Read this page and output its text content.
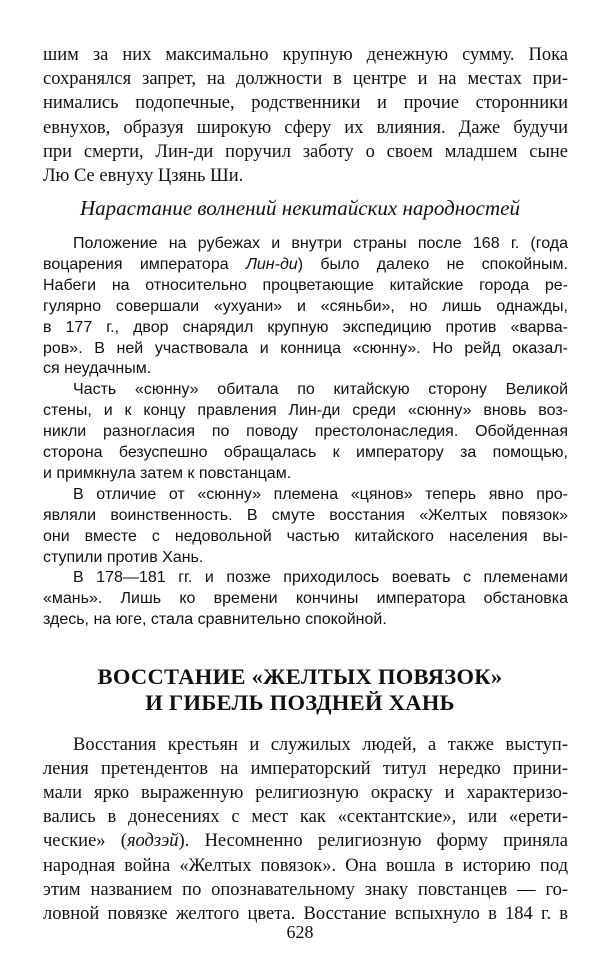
шим за них максимально крупную денежную сумму. Пока
сохранялся запрет, на должности в центре и на местах при-
нимались подопечные, родственники и прочие сторонники
евнухов, образуя широкую сферу их влияния. Даже будучи
при смерти, Лин-ди поручил заботу о своем младшем сыне
Лю Се евнуху Цзянь Ши.
Нарастание волнений некитайских народностей
Положение на рубежах и внутри страны после 168 г. (года
воцарения императора Лин-ди) было далеко не спокойным.
Набеги на относительно процветающие китайские города ре-
гулярно совершали «ухуани» и «сяньби», но лишь однажды,
в 177 г., двор снарядил крупную экспедицию против «варва-
ров». В ней участвовала и конница «сюнну». Но рейд оказал-
ся неудачным.
Часть «сюнну» обитала по китайскую сторону Великой
стены, и к концу правления Лин-ди среди «сюнну» вновь воз-
никли разногласия по поводу престолонаследия. Обойденная
сторона безуспешно обращалась к императору за помощью,
и примкнула затем к повстанцам.
В отличие от «сюнну» племена «цянов» теперь явно про-
являли воинственность. В смуте восстания «Желтых повязок»
они вместе с недовольной частью китайского населения вы-
ступили против Хань.
В 178—181 гг. и позже приходилось воевать с племенами
«мань». Лишь ко времени кончины императора обстановка
здесь, на юге, стала сравнительно спокойной.
ВОССТАНИЕ «ЖЕЛТЫХ ПОВЯЗОК»
И ГИБЕЛЬ ПОЗДНЕЙ ХАНЬ
Восстания крестьян и служилых людей, а также выступ-
ления претендентов на императорский титул нередко прини-
мали ярко выраженную религиозную окраску и характеризо-
вались в донесениях с мест как «сектантские», или «ерети-
ческие» (яодзэй). Несомненно религиозную форму приняла
народная война «Желтых повязок». Она вошла в историю под
этим названием по опознавательному знаку повстанцев — го-
ловной повязке желтого цвета. Восстание вспыхнуло в 184 г. в
628
